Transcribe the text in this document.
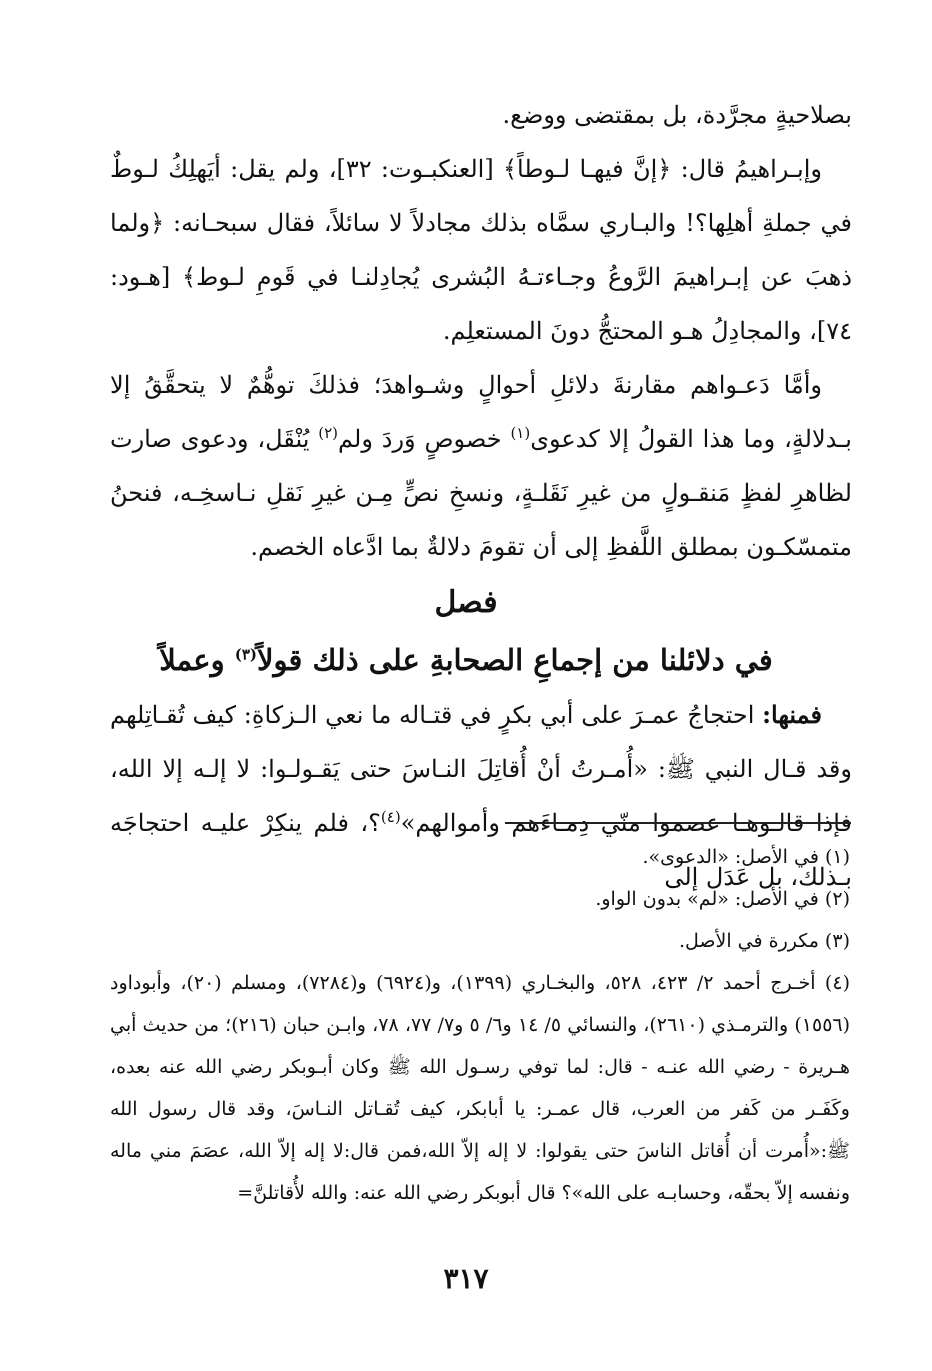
بصلاحيةٍ مجرَّدة، بل بمقتضى ووضع.

وإبـراهيمُ قال: ﴿إنَّ فيهـا لـوطاً﴾ [العنكبـوت: ٣٢]، ولم يقل: أيَهلِكُ لـوطٌ في جملةِ أهلِها؟! والبـاري سمَّاه بذلك مجادلاً لا سائلاً، فقال سبحـانه: ﴿ولما ذهبَ عن إبـراهيمَ الرَّوعُ وجـاءتـهُ البُشرى يُجادِلنـا في قَومِ لـوط﴾ [هـود: ٧٤]، والمجادِلُ هـو المحتجُّ دونَ المستعلِم.

وأمَّا دَعـواهم مقارنةَ دلائلِ أحوالٍ وشـواهدَ؛ فذلكَ توهُّمٌ لا يتحقَّقُ إلا بـدلالةٍ، وما هذا القولُ إلا كدعوى$^{(١)}$ خصوصٍ وَردَ ولم$^{(٢)}$ يُنْقَل، ودعوى صارت لظاهرِ لفظٍ مَنقـولٍ من غيرِ نَقَلـةٍ، ونسخِ نصٍّ مِـن غيرِ نَقلِ نـاسخِـه، فنحنُ متمسّكـون بمطلق اللَّفظِ إلى أن تقومَ دلالةٌ بما ادَّعاه الخصم.

فصل

في دلائلنا من إجماعِ الصحابةِ على ذلك قولاً$^{(٣)}$ وعملاً

فمنها: احتجاجُ عمـرَ على أبي بكرٍ في قتـاله ما نعي الـزكاةِ: كيف تُقـاتِلهم وقد قـال النبي ﷺ: «أُمـرتُ أنْ أُقاتِلَ النـاسَ حتى يَقـولـوا: لا إلـه إلا الله، فإذا قالـوهـا عصموا منّي دِمـاءَهم وأموالهم»$^{(٤)}$؟، فلم ينكِرْ عليـه احتجاجَه بـذلك، بل عَدَل إلى

(١) في الأصل: «الدعوى».

(٢) في الأصل: «لم» بدون الواو.

(٣) مكررة في الأصل.

(٤) أخـرج أحمد ٢/ ٤٢٣، ٥٢٨، والبخـاري (١٣٩٩)، و(٦٩٢٤) و(٧٢٨٤)، ومسلم (٢٠)، وأبوداود (١٥٥٦) والترمـذي (٢٦١٠)، والنسائي ٥/ ١٤ و٦/ ٥ و٧/ ٧٧، ٧٨، وابـن حبان (٢١٦)؛ من حديث أبي هـريرة - رضي الله عنـه - قال: لما توفي رسـول الله ﷺ وكان أبـوبكر رضي الله عنه بعده، وكَفَـر من كَفر من العرب، قال عمـر: يا أبابكر، كيف تُقـاتل النـاسَ، وقد قال رسول الله ﷺ:«أُمرت أن أُقاتل الناسَ حتى يقولوا: لا إله إلاّ الله،فمن قال:لا إله إلاّ الله، عصَمَ مني ماله ونفسه إلاّ بحقّه، وحسابـه على الله»؟ قال أبوبكر رضي الله عنه: والله لأُقاتلنَّ=

٣١٧
